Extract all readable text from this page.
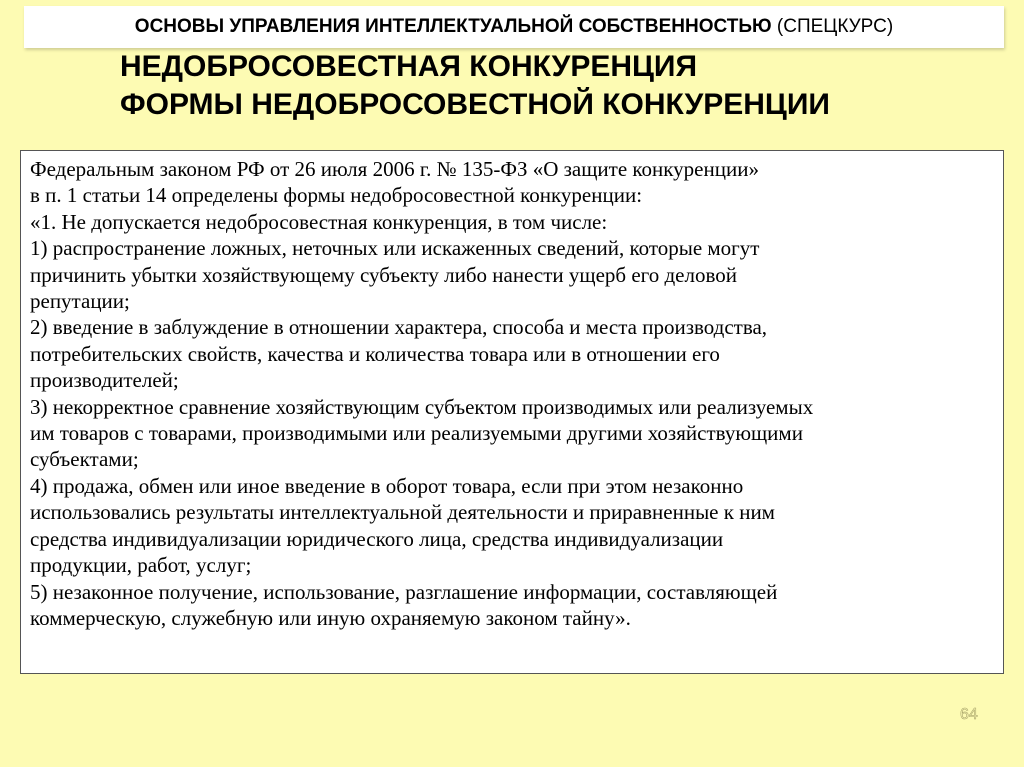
ОСНОВЫ УПРАВЛЕНИЯ ИНТЕЛЛЕКТУАЛЬНОЙ СОБСТВЕННОСТЬЮ (СПЕЦКУРС)
НЕДОБРОСОВЕСТНАЯ КОНКУРЕНЦИЯ
ФОРМЫ НЕДОБРОСОВЕСТНОЙ КОНКУРЕНЦИИ
Федеральным законом РФ от 26 июля 2006 г. № 135-ФЗ «О защите конкуренции»
в п. 1 статьи 14 определены формы недобросовестной конкуренции:
«1. Не допускается недобросовестная конкуренция, в том числе:
1) распространение ложных, неточных или искаженных сведений, которые могут
причинить убытки хозяйствующему субъекту либо нанести ущерб его деловой
репутации;
2) введение в заблуждение в отношении характера, способа и места производства,
потребительских свойств, качества и количества товара или в отношении его
производителей;
3) некорректное сравнение хозяйствующим субъектом производимых или реализуемых
им товаров с товарами, производимыми или реализуемыми другими хозяйствующими
субъектами;
4) продажа, обмен или иное введение в оборот товара, если при этом незаконно
использовались результаты интеллектуальной деятельности и приравненные к ним
средства индивидуализации юридического лица, средства индивидуализации
продукции, работ, услуг;
5) незаконное получение, использование, разглашение информации, составляющей
коммерческую, служебную или иную охраняемую законом тайну».
64
